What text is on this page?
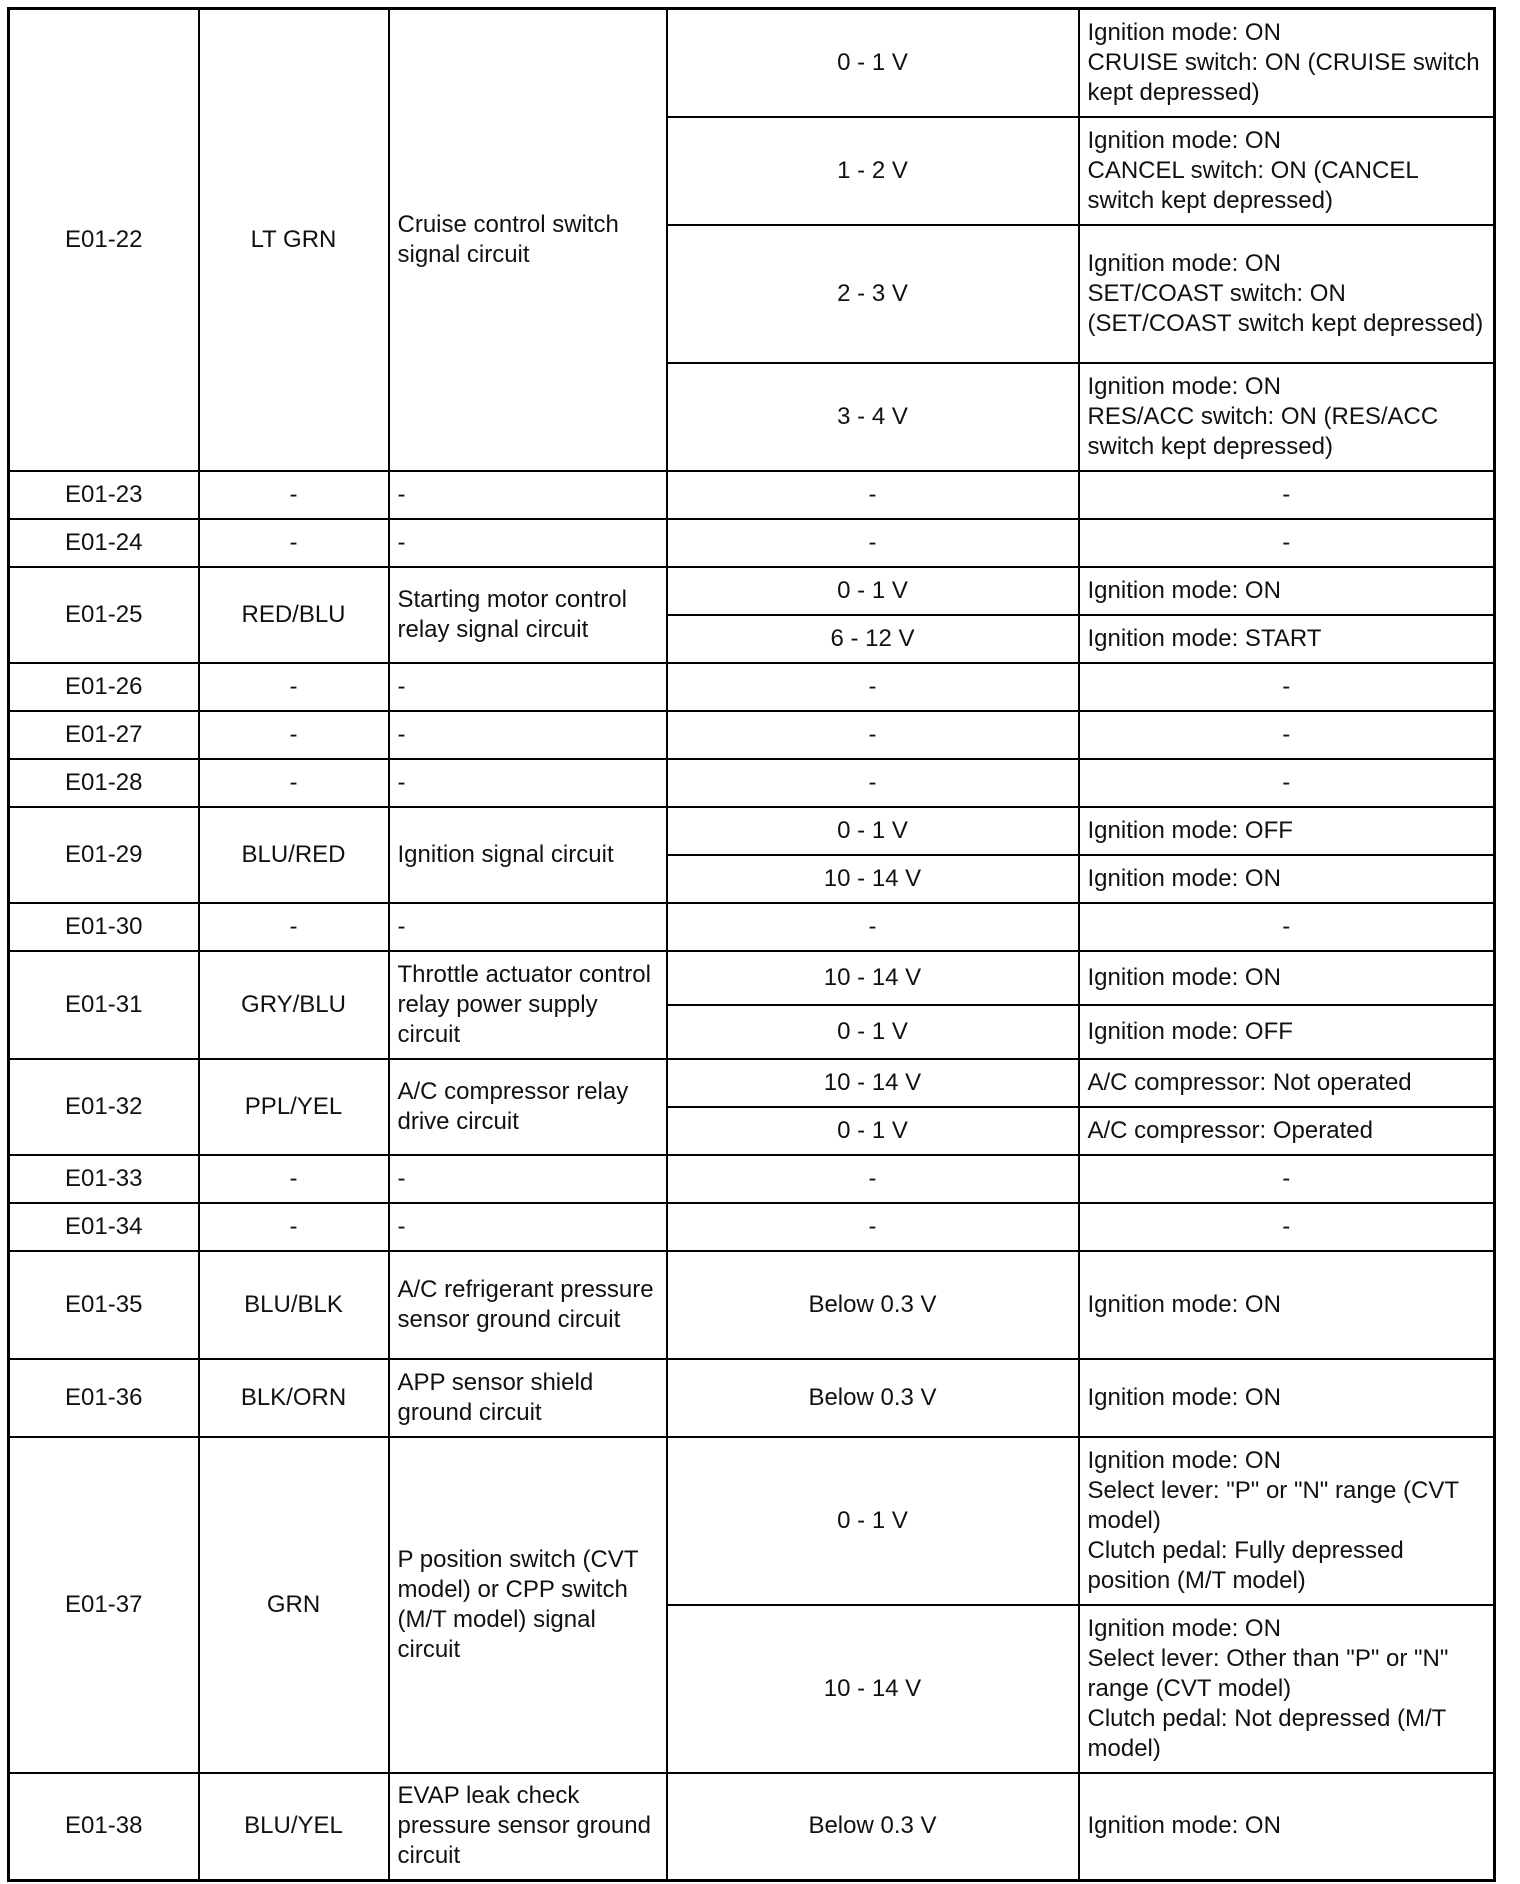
E01-22	LT GRN	Cruise control switch signal circuit	0 - 1 V	Ignition mode: ON
CRUISE switch: ON (CRUISE switch kept depressed)
			1 - 2 V	Ignition mode: ON
CANCEL switch: ON (CANCEL switch kept depressed)
			2 - 3 V	Ignition mode: ON
SET/COAST switch: ON (SET/COAST switch kept depressed)
			3 - 4 V	Ignition mode: ON
RES/ACC switch: ON (RES/ACC switch kept depressed)
E01-23	-	-	-	-
E01-24	-	-	-	-
E01-25	RED/BLU	Starting motor control relay signal circuit	0 - 1 V	Ignition mode: ON
			6 - 12 V	Ignition mode: START
E01-26	-	-	-	-
E01-27	-	-	-	-
E01-28	-	-	-	-
E01-29	BLU/RED	Ignition signal circuit	0 - 1 V	Ignition mode: OFF
			10 - 14 V	Ignition mode: ON
E01-30	-	-	-	-
E01-31	GRY/BLU	Throttle actuator control relay power supply circuit	10 - 14 V	Ignition mode: ON
			0 - 1 V	Ignition mode: OFF
E01-32	PPL/YEL	A/C compressor relay drive circuit	10 - 14 V	A/C compressor: Not operated
			0 - 1 V	A/C compressor: Operated
E01-33	-	-	-	-
E01-34	-	-	-	-
E01-35	BLU/BLK	A/C refrigerant pressure sensor ground circuit	Below 0.3 V	Ignition mode: ON
E01-36	BLK/ORN	APP sensor shield ground circuit	Below 0.3 V	Ignition mode: ON
E01-37	GRN	P position switch (CVT model) or CPP switch (M/T model) signal circuit	0 - 1 V	Ignition mode: ON
Select lever: "P" or "N" range (CVT model)
Clutch pedal: Fully depressed position (M/T model)
			10 - 14 V	Ignition mode: ON
Select lever: Other than "P" or "N" range (CVT model)
Clutch pedal: Not depressed (M/T model)
E01-38	BLU/YEL	EVAP leak check pressure sensor ground circuit	Below 0.3 V	Ignition mode: ON
